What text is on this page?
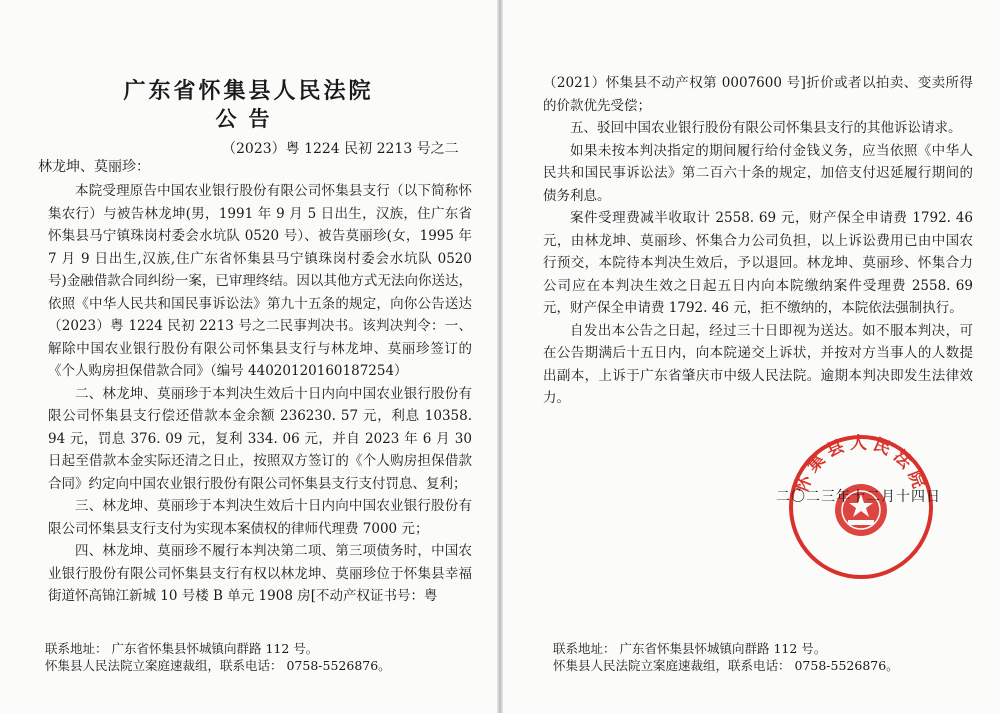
广东省怀集县人民法院
公告
（2023）粤 1224 民初 2213 号之二
林龙坤、莫丽珍：

本院受理原告中国农业银行股份有限公司怀集县支行（以下简称怀集农行）与被告林龙坤(男，1991 年 9 月 5 日出生，汉族，住广东省怀集县马宁镇珠岗村委会水坑队 0520 号）、被告莫丽珍(女，1995 年 7 月 9 日出生,汉族,住广东省怀集县马宁镇珠岗村委会水坑队 0520 号)金融借款合同纠纷一案，已审理终结。因以其他方式无法向你送达，依照《中华人民共和国民事诉讼法》第九十五条的规定，向你公告送达（2023）粤 1224 民初 2213 号之二民事判决书。该判决判令：一、解除中国农业银行股份有限公司怀集县支行与林龙坤、莫丽珍签订的《个人购房担保借款合同》（编号 44020120160187254）

二、林龙坤、莫丽珍于本判决生效后十日内向中国农业银行股份有限公司怀集县支行偿还借款本金余额 236230. 57 元，利息 10358. 94 元，罚息 376. 09 元，复利 334. 06 元，并自 2023 年 6 月 30 日起至借款本金实际还清之日止，按照双方签订的《个人购房担保借款合同》约定向中国农业银行股份有限公司怀集县支行支付罚息、复利；

三、林龙坤、莫丽珍于本判决生效后十日内向中国农业银行股份有限公司怀集县支行支付为实现本案债权的律师代理费 7000 元；

四、林龙坤、莫丽珍不履行本判决第二项、第三项债务时，中国农业银行股份有限公司怀集县支行有权以林龙坤、莫丽珍位于怀集县幸福街道怀高锦江新城 10 号楼 B 单元 1908 房[不动产权证书号：粤

联系地址： 广东省怀集县怀城镇向群路 112 号。
怀集县人民法院立案庭速裁组，联系电话： 0758-5526876。

（2021）怀集县不动产权第 0007600 号]折价或者以拍卖、变卖所得的价款优先受偿；

五、驳回中国农业银行股份有限公司怀集县支行的其他诉讼请求。

如果未按本判决指定的期间履行给付金钱义务，应当依照《中华人民共和国民事诉讼法》第二百六十条的规定，加倍支付迟延履行期间的债务利息。

案件受理费减半收取计 2558. 69 元，财产保全申请费 1792. 46 元，由林龙坤、莫丽珍、怀集合力公司负担，以上诉讼费用已由中国农行预交，本院待本判决生效后，予以退回。林龙坤、莫丽珍、怀集合力公司应在本判决生效之日起五日内向本院缴纳案件受理费 2558. 69 元，财产保全申请费 1792. 46 元，拒不缴纳的，本院依法强制执行。

自发出本公告之日起，经过三十日即视为送达。如不服本判决，可在公告期满后十五日内，向本院递交上诉状，并按对方当事人的人数提出副本，上诉于广东省肇庆市中级人民法院。逾期本判决即发生法律效力。

怀集县人民法院
二〇二三年十二月十四日
联系地址： 广东省怀集县怀城镇向群路 112 号。
怀集县人民法院立案庭速裁组，联系电话： 0758-5526876。
